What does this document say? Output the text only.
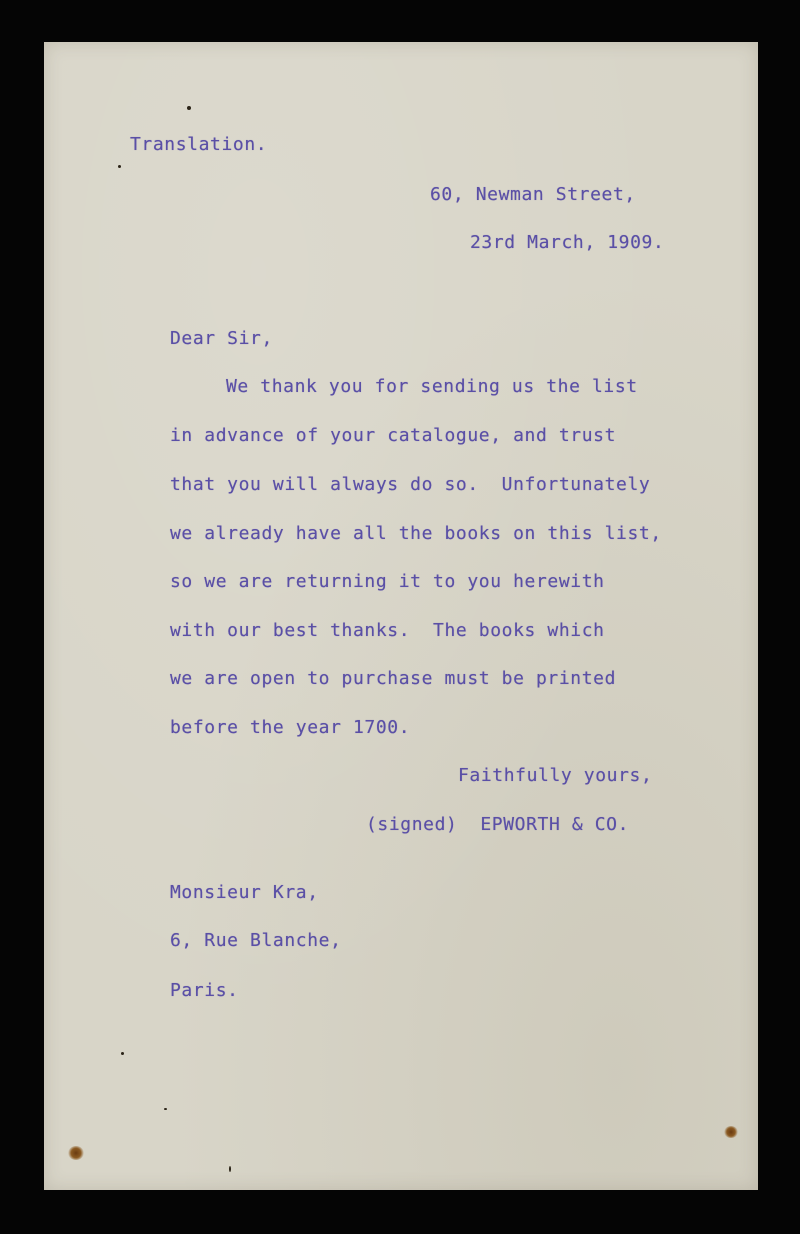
Translation.
60, Newman Street,
23rd March, 1909.
Dear Sir,
We thank you for sending us the list
in advance of your catalogue, and trust
that you will always do so.  Unfortunately
we already have all the books on this list,
so we are returning it to you herewith
with our best thanks.  The books which
we are open to purchase must be printed
before the year 1700.
Faithfully yours,
(signed)  EPWORTH & CO.
Monsieur Kra,
6, Rue Blanche,
Paris.
